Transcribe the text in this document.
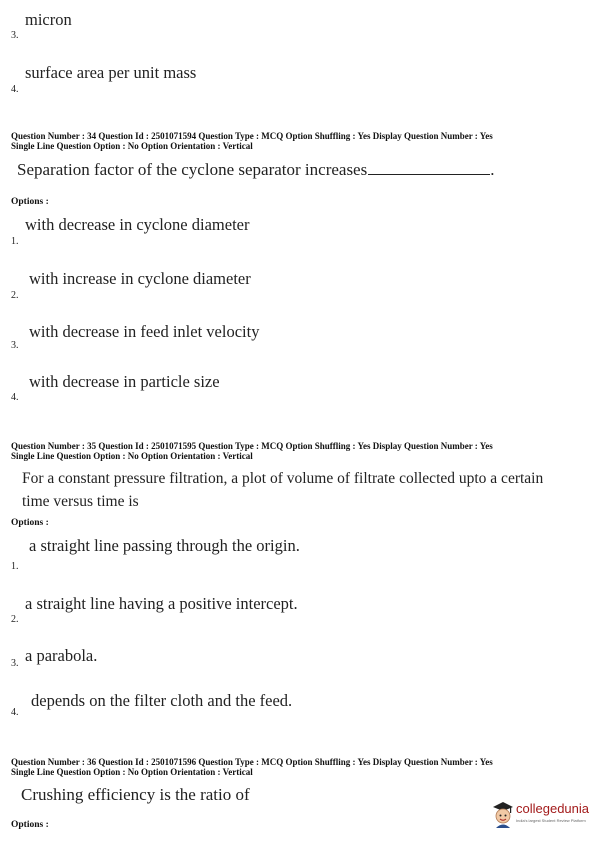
micron
3.
surface area per unit mass
4.
Question Number : 34 Question Id : 2501071594 Question Type : MCQ Option Shuffling : Yes Display Question Number : Yes
Single Line Question Option : No Option Orientation : Vertical
Separation factor of the cyclone separator increases	.
Options :
with decrease in cyclone diameter
1.
with increase in cyclone diameter
2.
with decrease in feed inlet velocity
3.
with decrease in particle size
4.
Question Number : 35 Question Id : 2501071595 Question Type : MCQ Option Shuffling : Yes Display Question Number : Yes
Single Line Question Option : No Option Orientation : Vertical
For a constant pressure filtration, a plot of volume of filtrate collected upto a certain
time versus time is
Options :
a straight line passing through the origin.
1.
a straight line having a positive intercept.
2.
a parabola.
3.
depends on the filter cloth and the feed.
4.
Question Number : 36 Question Id : 2501071596 Question Type : MCQ Option Shuffling : Yes Display Question Number : Yes
Single Line Question Option : No Option Orientation : Vertical
Crushing efficiency is the ratio of
Options :
collegedunia
India's largest Student Review Platform
